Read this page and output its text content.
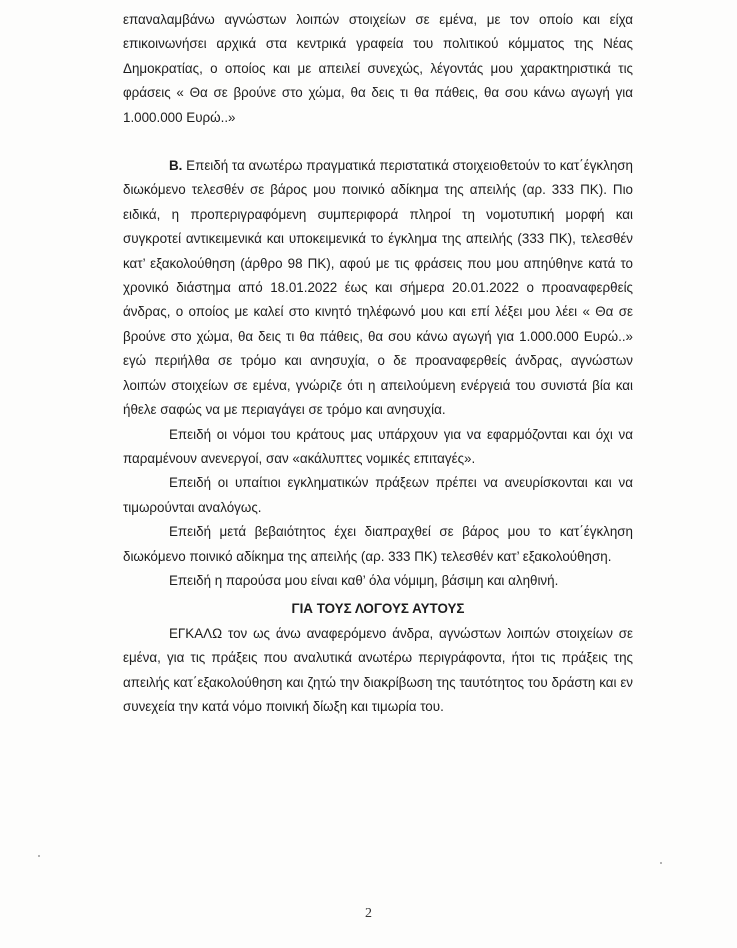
επαναλαμβάνω αγνώστων λοιπών στοιχείων σε εμένα, με τον οποίο και είχα επικοινωνήσει αρχικά στα κεντρικά γραφεία του πολιτικού κόμματος της Νέας Δημοκρατίας, ο οποίος και με απειλεί συνεχώς, λέγοντάς μου χαρακτηριστικά τις φράσεις « Θα σε βρούνε στο χώμα, θα δεις τι θα πάθεις, θα σου κάνω αγωγή για 1.000.000 Ευρώ..»

Β. Επειδή τα ανωτέρω πραγματικά περιστατικά στοιχειοθετούν το κατ΄έγκληση διωκόμενο τελεσθέν σε βάρος μου ποινικό αδίκημα της απειλής (αρ. 333 ΠΚ). Πιο ειδικά, η προπεριγραφόμενη συμπεριφορά πληροί τη νομοτυπική μορφή και συγκροτεί αντικειμενικά και υποκειμενικά το έγκλημα της απειλής (333 ΠΚ), τελεσθέν κατ’ εξακολούθηση (άρθρο 98 ΠΚ), αφού με τις φράσεις που μου απηύθηνε κατά το χρονικό διάστημα από 18.01.2022 έως και σήμερα 20.01.2022 ο προαναφερθείς άνδρας, ο οποίος με καλεί στο κινητό τηλέφωνό μου και επί λέξει μου λέει « Θα σε βρούνε στο χώμα, θα δεις τι θα πάθεις, θα σου κάνω αγωγή για 1.000.000 Ευρώ..» εγώ περιήλθα σε τρόμο και ανησυχία, ο δε προαναφερθείς άνδρας, αγνώστων λοιπών στοιχείων σε εμένα, γνώριζε ότι η απειλούμενη ενέργειά του συνιστά βία και ήθελε σαφώς να με περιαγάγει σε τρόμο και ανησυχία.

Επειδή οι νόμοι του κράτους μας υπάρχουν για να εφαρμόζονται και όχι να παραμένουν ανενεργοί, σαν «ακάλυπτες νομικές επιταγές».

Επειδή οι υπαίτιοι εγκληματικών πράξεων πρέπει να ανευρίσκονται και να τιμωρούνται αναλόγως.

Επειδή μετά βεβαιότητος έχει διαπραχθεί σε βάρος μου το κατ΄έγκληση διωκόμενο ποινικό αδίκημα της απειλής (αρ. 333 ΠΚ) τελεσθέν κατ’ εξακολούθηση.

Επειδή η παρούσα μου είναι καθ’ όλα νόμιμη, βάσιμη και αληθινή.

ΓΙΑ ΤΟΥΣ ΛΟΓΟΥΣ ΑΥΤΟΥΣ

ΕΓΚΑΛΩ τον ως άνω αναφερόμενο άνδρα, αγνώστων λοιπών στοιχείων σε εμένα, για τις πράξεις που αναλυτικά ανωτέρω περιγράφοντα, ήτοι τις πράξεις της απειλής κατ΄εξακολούθηση και ζητώ την διακρίβωση της ταυτότητος του δράστη και εν συνεχεία την κατά νόμο ποινική δίωξη και τιμωρία του.

2
